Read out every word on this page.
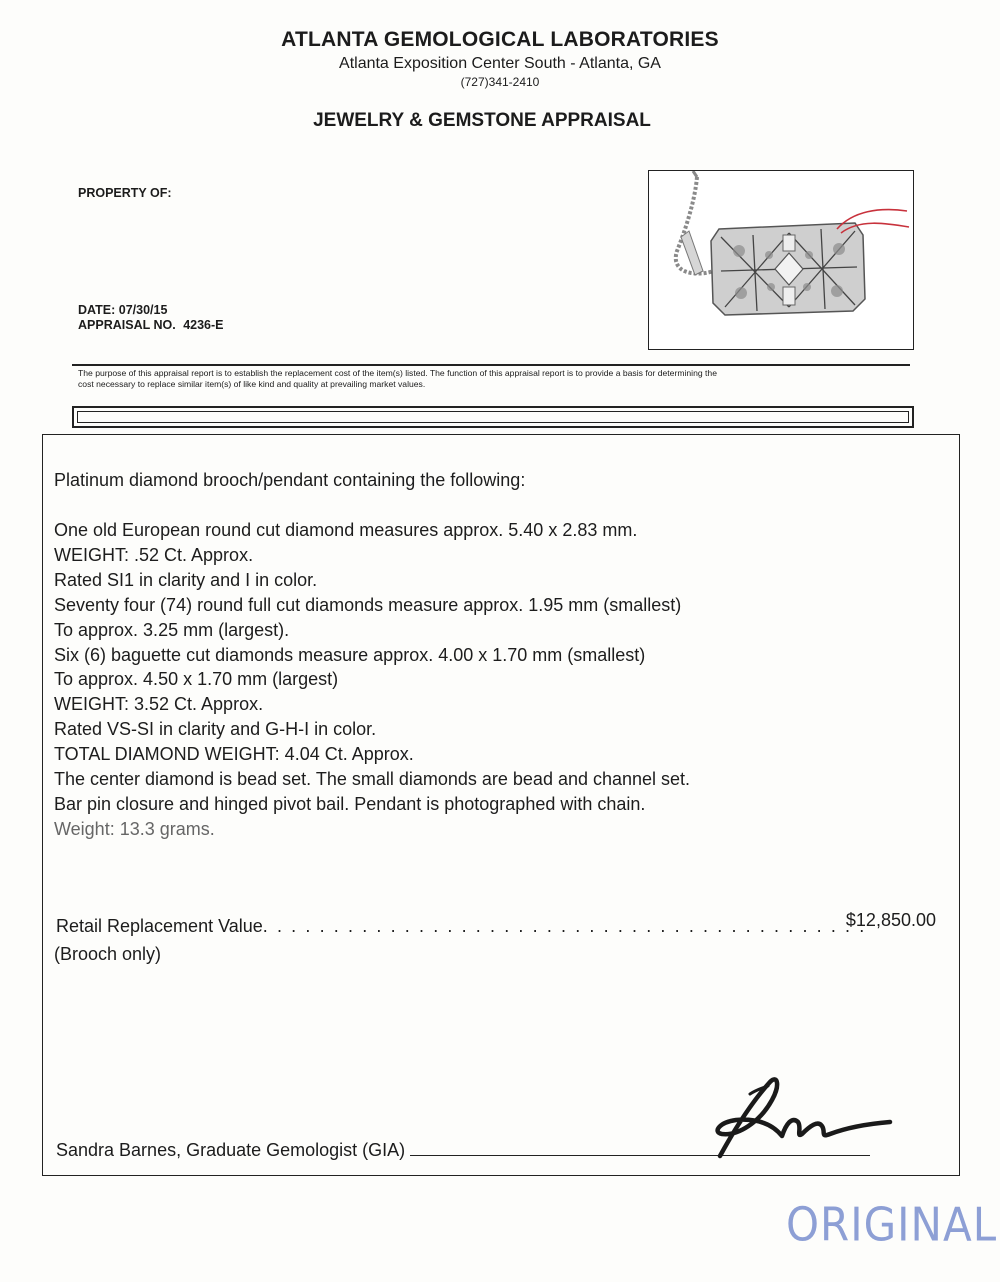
ATLANTA GEMOLOGICAL LABORATORIES
Atlanta Exposition Center South - Atlanta, GA
(727)341-2410
JEWELRY & GEMSTONE APPRAISAL
PROPERTY OF:
DATE: 07/30/15
APPRAISAL NO. 4236-E
The purpose of this appraisal report is to establish the replacement cost of the item(s) listed. The function of this appraisal report is to provide a basis for determining the
cost necessary to replace similar item(s) of like kind and quality at prevailing market values.
Platinum diamond brooch/pendant containing the following:
One old European round cut diamond measures approx. 5.40 x 2.83 mm.
WEIGHT: .52 Ct. Approx.
Rated SI1 in clarity and I in color.
Seventy four (74) round full cut diamonds measure approx. 1.95 mm (smallest)
To approx. 3.25 mm (largest).
Six (6) baguette cut diamonds measure approx. 4.00 x 1.70 mm (smallest)
To approx. 4.50 x 1.70 mm (largest)
WEIGHT: 3.52 Ct. Approx.
Rated VS-SI in clarity and G-H-I in color.
TOTAL DIAMOND WEIGHT: 4.04 Ct. Approx.
The center diamond is bead set. The small diamonds are bead and channel set.
Bar pin closure and hinged pivot bail. Pendant is photographed with chain.
Weight: 13.3 grams.
Retail Replacement Value. . . . . . . . . . . . . . . . . . . . . . . . . . . . . . . . . . . . . . . . . . .
$12,850.00
(Brooch only)
Sandra Barnes, Graduate Gemologist (GIA)
ORIGINAL
